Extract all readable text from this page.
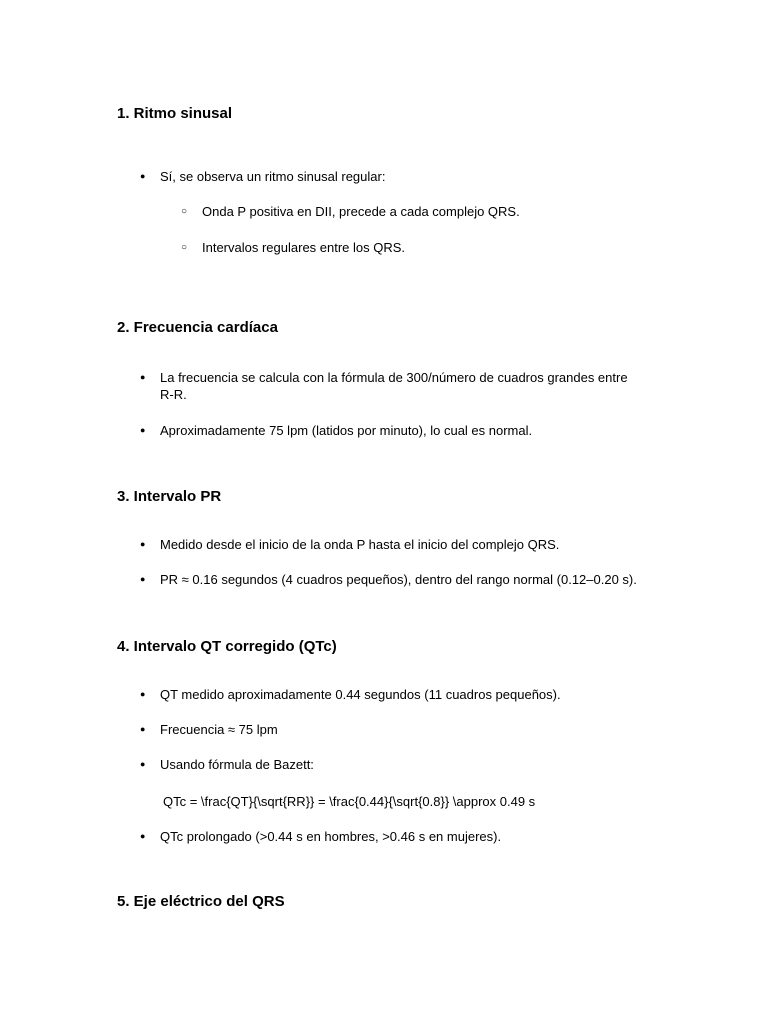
1. Ritmo sinusal
●	Sí, se observa un ritmo sinusal regular:
○	Onda P positiva en DII, precede a cada complejo QRS.
○	Intervalos regulares entre los QRS.
2. Frecuencia cardíaca
●	La frecuencia se calcula con la fórmula de 300/número de cuadros grandes entre R-R.
●	Aproximadamente 75 lpm (latidos por minuto), lo cual es normal.
3. Intervalo PR
●	Medido desde el inicio de la onda P hasta el inicio del complejo QRS.
●	PR ≈ 0.16 segundos (4 cuadros pequeños), dentro del rango normal (0.12–0.20 s).
4. Intervalo QT corregido (QTc)
●	QT medido aproximadamente 0.44 segundos (11 cuadros pequeños).
●	Frecuencia ≈ 75 lpm
●	Usando fórmula de Bazett:
QTc = \frac{QT}{\sqrt{RR}} = \frac{0.44}{\sqrt{0.8}} \approx 0.49 s
●	QTc prolongado (>0.44 s en hombres, >0.46 s en mujeres).
5. Eje eléctrico del QRS
